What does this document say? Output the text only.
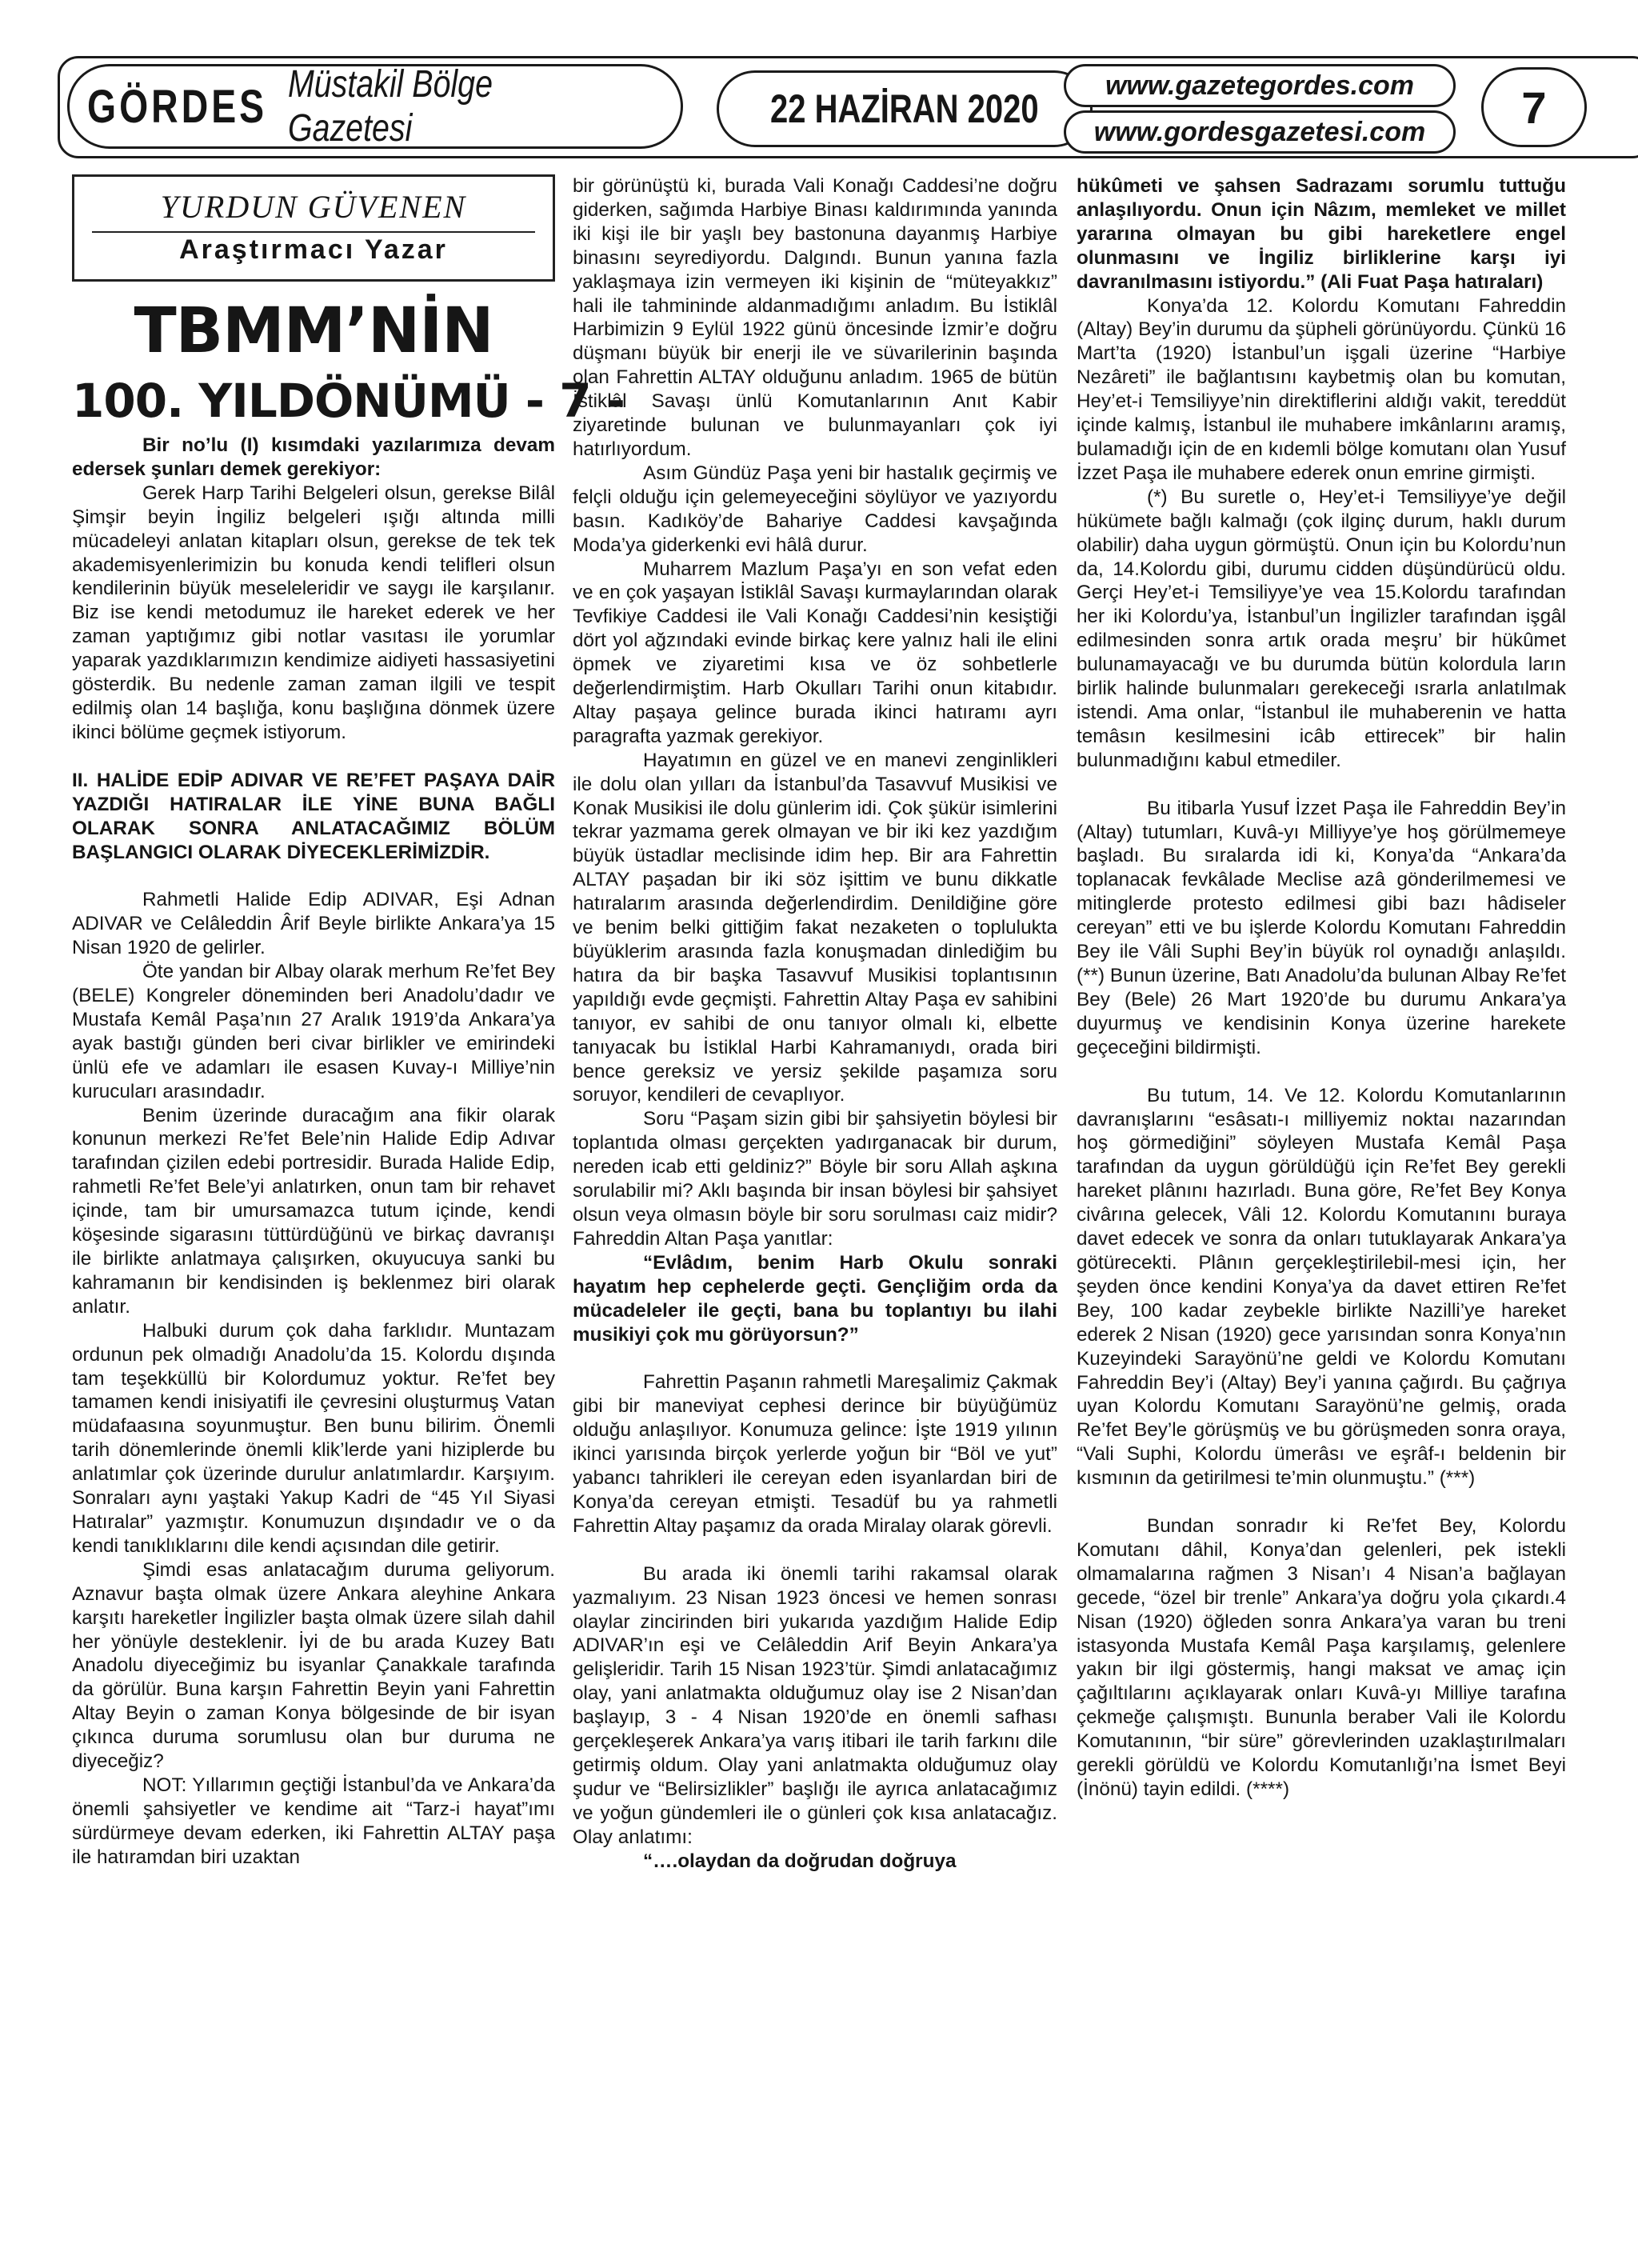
GÖRDES Müstakil Bölge Gazetesi	22 HAZİRAN 2020
www.gazetegordes.com
www.gordesgazetesi.com 7
YURDUN GÜVENEN
Araştırmacı Yazar
TBMM’NİN
100. YILDÖNÜMÜ - 7 -

Bir no’lu (I) kısımdaki yazılarımıza devam edersek şunları demek gerekiyor:

Gerek Harp Tarihi Belgeleri olsun, gerekse Bilâl Şimşir beyin İngiliz belgeleri ışığı altında milli mücadeleyi anlatan kitapları olsun, gerekse de tek tek akademisyenlerimizin bu konuda kendi telifleri olsun kendilerinin büyük meseleleridir ve saygı ile karşılanır. Biz ise kendi metodumuz ile hareket ederek ve her zaman yaptığımız gibi notlar vasıtası ile yorumlar yaparak yazdıklarımızın kendimize aidiyeti hassasiyetini gösterdik. Bu nedenle zaman zaman ilgili ve tespit edilmiş olan 14 başlığa, konu başlığına dönmek üzere ikinci bölüme geçmek istiyorum.

II. HALİDE EDİP ADIVAR VE RE’FET PAŞAYA DAİR YAZDIĞI HATIRALAR İLE YİNE BUNA BAĞLI OLARAK SONRA ANLATACAĞIMIZ BÖLÜM BAŞLANGICI OLARAK DİYECEKLERİMİZDİR.

Rahmetli Halide Edip ADIVAR, Eşi Adnan ADIVAR ve Celâleddin Ârif Beyle birlikte Ankara’ya 15 Nisan 1920 de gelirler.

Öte yandan bir Albay olarak merhum Re’fet Bey (BELE) Kongreler döneminden beri Anadolu’dadır ve Mustafa Kemâl Paşa’nın 27 Aralık 1919’da Ankara’ya ayak bastığı günden beri civar birlikler ve emirindeki ünlü efe ve adamları ile esasen Kuvay-ı Milliye’nin kurucuları arasındadır.

Benim üzerinde duracağım ana fikir olarak konunun merkezi Re’fet Bele’nin Halide Edip Adıvar tarafından çizilen edebi portresidir. Burada Halide Edip, rahmetli Re’fet Bele’yi anlatırken, onun tam bir rehavet içinde, tam bir umursamazca tutum içinde, kendi köşesinde sigarasını tüttürdüğünü ve birkaç davranışı ile birlikte anlatmaya çalışırken, okuyucuya sanki bu kahramanın bir kendisinden iş beklenmez biri olarak anlatır.

Halbuki durum çok daha farklıdır. Muntazam ordunun pek olmadığı Anadolu’da 15. Kolordu dışında tam teşekküllü bir Kolordumuz yoktur. Re’fet bey tamamen kendi inisiyatifi ile çevresini oluşturmuş Vatan müdafaasına soyunmuştur. Ben bunu bilirim. Önemli tarih dönemlerinde önemli klik’lerde yani hiziplerde bu anlatımlar çok üzerinde durulur anlatımlardır. Karşıyım. Sonraları aynı yaştaki Yakup Kadri de “45 Yıl Siyasi Hatıralar” yazmıştır. Konumuzun dışındadır ve o da kendi tanıklıklarını dile kendi açısından dile getirir.

Şimdi esas anlatacağım duruma geliyorum. Aznavur başta olmak üzere Ankara aleyhine Ankara karşıtı hareketler İngilizler başta olmak üzere silah dahil her yönüyle desteklenir. İyi de bu arada Kuzey Batı Anadolu diyeceğimiz bu isyanlar Çanakkale tarafında da görülür. Buna karşın Fahrettin Beyin yani Fahrettin Altay Beyin o zaman Konya bölgesinde de bir isyan çıkınca duruma sorumlusu olan bur duruma ne diyeceğiz?

NOT: Yıllarımın geçtiği İstanbul’da ve Ankara’da önemli şahsiyetler ve kendime ait “Tarz-i hayat”ımı sürdürmeye devam ederken, iki Fahrettin ALTAY paşa ile hatıramdan biri uzaktan

bir görünüştü ki, burada Vali Konağı Caddesi’ne doğru giderken, sağımda Harbiye Binası kaldırımında yanında iki kişi ile bir yaşlı bey bastonuna dayanmış Harbiye binasını seyrediyordu. Dalgındı. Bunun yanına fazla yaklaşmaya izin vermeyen iki kişinin de “müteyakkız” hali ile tahmininde aldanmadığımı anladım. Bu İstiklâl Harbimizin 9 Eylül 1922 günü öncesinde İzmir’e doğru düşmanı büyük bir enerji ile ve süvarilerinin başında olan Fahrettin ALTAY olduğunu anladım. 1965 de bütün İstiklâl Savaşı ünlü Komutanlarının Anıt Kabir ziyaretinde bulunan ve bulunmayanları çok iyi hatırlıyordum.

Asım Gündüz Paşa yeni bir hastalık geçirmiş ve felçli olduğu için gelemeyeceğini söylüyor ve yazıyordu basın. Kadıköy’de Bahariye Caddesi kavşağında Moda’ya giderkenki evi hâlâ durur.

Muharrem Mazlum Paşa’yı en son vefat eden ve en çok yaşayan İstiklâl Savaşı kurmaylarından olarak Tevfikiye Caddesi ile Vali Konağı Caddesi’nin kesiştiği dört yol ağzındaki evinde birkaç kere yalnız hali ile elini öpmek ve ziyaretimi kısa ve öz sohbetlerle değerlendirmiştim. Harb Okulları Tarihi onun kitabıdır. Altay paşaya gelince burada ikinci hatıramı ayrı paragrafta yazmak gerekiyor.

Hayatımın en güzel ve en manevi zenginlikleri ile dolu olan yılları da İstanbul’da Tasavvuf Musikisi ve Konak Musikisi ile dolu günlerim idi. Çok şükür isimlerini tekrar yazmama gerek olmayan ve bir iki kez yazdığım büyük üstadlar meclisinde idim hep. Bir ara Fahrettin ALTAY paşadan bir iki söz işittim ve bunu dikkatle hatıralarım arasında değerlendirdim. Denildiğine göre ve benim belki gittiğim fakat nezaketen o toplulukta büyüklerim arasında fazla konuşmadan dinlediğim bu hatıra da bir başka Tasavvuf Musikisi toplantısının yapıldığı evde geçmişti. Fahrettin Altay Paşa ev sahibini tanıyor, ev sahibi de onu tanıyor olmalı ki, elbette tanıyacak bu İstiklal Harbi Kahramanıydı, orada biri bence gereksiz ve yersiz şekilde paşamıza soru soruyor, kendileri de cevaplıyor.

Soru “Paşam sizin gibi bir şahsiyetin böylesi bir toplantıda olması gerçekten yadırganacak bir durum, nereden icab etti geldiniz?” Böyle bir soru Allah aşkına sorulabilir mi? Aklı başında bir insan böylesi bir şahsiyet olsun veya olmasın böyle bir soru sorulması caiz midir? Fahreddin Altan Paşa yanıtlar:

“Evlâdım, benim Harb Okulu sonraki hayatım hep cephelerde geçti. Gençliğim orda da mücadeleler ile geçti, bana bu toplantıyı bu ilahi musikiyi çok mu görüyorsun?”

Fahrettin Paşanın rahmetli Mareşalimiz Çakmak gibi bir maneviyat cephesi derince bir büyüğümüz olduğu anlaşılıyor. Konumuza gelince: İşte 1919 yılının ikinci yarısında birçok yerlerde yoğun bir “Böl ve yut” yabancı tahrikleri ile cereyan eden isyanlardan biri de Konya’da cereyan etmişti. Tesadüf bu ya rahmetli Fahrettin Altay paşamız da orada Miralay olarak görevli.

Bu arada iki önemli tarihi rakamsal olarak yazmalıyım. 23 Nisan 1923 öncesi ve hemen sonrası olaylar zincirinden biri yukarıda yazdığım Halide Edip ADIVAR’ın eşi ve Celâleddin Arif Beyin Ankara’ya gelişleridir. Tarih 15 Nisan 1923’tür. Şimdi anlatacağımız olay, yani anlatmakta olduğumuz olay ise 2 Nisan’dan başlayıp, 3 - 4 Nisan 1920’de en önemli safhası gerçekleşerek Ankara’ya varış itibari ile tarih farkını dile getirmiş oldum. Olay yani anlatmakta olduğumuz olay şudur ve “Belirsizlikler” başlığı ile ayrıca anlatacağımız ve yoğun gündemleri ile o günleri çok kısa anlatacağız. Olay anlatımı:

“….olaydan da doğrudan doğruya

hükûmeti ve şahsen Sadrazamı sorumlu tuttuğu anlaşılıyordu. Onun için Nâzım, memleket ve millet yararına olmayan bu gibi hareketlere engel olunmasını ve İngiliz birliklerine karşı iyi davranılmasını istiyordu.” (Ali Fuat Paşa hatıraları)

Konya’da 12. Kolordu Komutanı Fahreddin (Altay) Bey’in durumu da şüpheli görünüyordu. Çünkü 16 Mart’ta (1920) İstanbul’un işgali üzerine “Harbiye Nezâreti” ile bağlantısını kaybetmiş olan bu komutan, Hey’et-i Temsiliyye’nin direktiflerini aldığı vakit, tereddüt içinde kalmış, İstanbul ile muhabere imkânlarını aramış, bulamadığı için de en kıdemli bölge komutanı olan Yusuf İzzet Paşa ile muhabere ederek onun emrine girmişti.

(*) Bu suretle o, Hey’et-i Temsiliyye’ye değil hükümete bağlı kalmağı (çok ilginç durum, haklı durum olabilir) daha uygun görmüştü. Onun için bu Kolordu’nun da, 14.Kolordu gibi, durumu cidden düşündürücü oldu. Gerçi Hey’et-i Temsiliyye’ye vea 15.Kolordu tarafından her iki Kolordu’ya, İstanbul’un İngilizler tarafından işgâl edilmesinden sonra artık orada meşru’ bir hükûmet bulunamayacağı ve bu durumda bütün kolordula ların birlik halinde bulunmaları gerekeceği ısrarla anlatılmak istendi. Ama onlar, “İstanbul ile muhaberenin ve hatta temâsın kesilmesini icâb ettirecek” bir halin bulunmadığını kabul etmediler.

Bu itibarla Yusuf İzzet Paşa ile Fahreddin Bey’in (Altay) tutumları, Kuvâ-yı Milliyye’ye hoş görülmemeye başladı. Bu sıralarda idi ki, Konya’da “Ankara’da toplanacak fevkâlade Meclise azâ gönderilmemesi ve mitinglerde protesto edilmesi gibi bazı hâdiseler cereyan” etti ve bu işlerde Kolordu Komutanı Fahreddin Bey ile Vâli Suphi Bey’in büyük rol oynadığı anlaşıldı. (**) Bunun üzerine, Batı Anadolu’da bulunan Albay Re’fet Bey (Bele) 26 Mart 1920’de bu durumu Ankara’ya duyurmuş ve kendisinin Konya üzerine harekete geçeceğini bildirmişti.

Bu tutum, 14. Ve 12. Kolordu Komutanlarının davranışlarını “esâsatı-ı milliyemiz noktaı nazarından hoş görmediğini” söyleyen Mustafa Kemâl Paşa tarafından da uygun görüldüğü için Re’fet Bey gerekli hareket plânını hazırladı. Buna göre, Re’fet Bey Konya civârına gelecek, Vâli 12. Kolordu Komutanını buraya davet edecek ve sonra da onları tutuklayarak Ankara’ya götürecekti. Plânın gerçekleştirilebil-mesi için, her şeyden önce kendini Konya’ya da davet ettiren Re’fet Bey, 100 kadar zeybekle birlikte Nazilli’ye hareket ederek 2 Nisan (1920) gece yarısından sonra Konya’nın Kuzeyindeki Sarayönü’ne geldi ve Kolordu Komutanı Fahreddin Bey’i (Altay) Bey’i yanına çağırdı. Bu çağrıya uyan Kolordu Komutanı Sarayönü’ne gelmiş, orada Re’fet Bey’le görüşmüş ve bu görüşmeden sonra oraya, “Vali Suphi, Kolordu ümerâsı ve eşrâf-ı beldenin bir kısmının da getirilmesi te’min olunmuştu.” (***)

Bundan sonradır ki Re’fet Bey, Kolordu Komutanı dâhil, Konya’dan gelenleri, pek istekli olmamalarına rağmen 3 Nisan’ı 4 Nisan’a bağlayan gecede, “özel bir trenle” Ankara’ya doğru yola çıkardı.4 Nisan (1920) öğleden sonra Ankara’ya varan bu treni istasyonda Mustafa Kemâl Paşa karşılamış, gelenlere yakın bir ilgi göstermiş, hangi maksat ve amaç için çağıltılarını açıklayarak onları Kuvâ-yı Milliye tarafına çekmeğe çalışmıştı. Bununla beraber Vali ile Kolordu Komutanının, “bir süre” görevlerinden uzaklaştırılmaları gerekli görüldü ve Kolordu Komutanlığı’na İsmet Beyi (İnönü) tayin edildi. (****)
